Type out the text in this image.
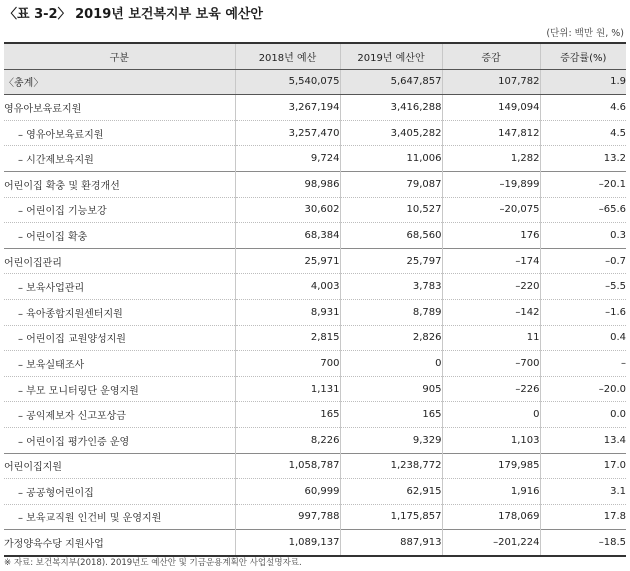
〈표 3-2〉 2019년 보건복지부 보육 예산안
(단위: 백만 원, %)
구분	2018년 예산	2019년 예산안	증감	증감률(%)
〈총계〉	5,540,075	5,647,857	107,782	1.9
영유아보육료지원	3,267,194	3,416,288	149,094	4.6
– 영유아보육료지원	3,257,470	3,405,282	147,812	4.5
– 시간제보육지원	9,724	11,006	1,282	13.2
어린이집 확충 및 환경개선	98,986	79,087	–19,899	–20.1
– 어린이집 기능보강	30,602	10,527	–20,075	–65.6
– 어린이집 확충	68,384	68,560	176	0.3
어린이집관리	25,971	25,797	–174	–0.7
– 보육사업관리	4,003	3,783	–220	–5.5
– 육아종합지원센터지원	8,931	8,789	–142	–1.6
– 어린이집 교원양성지원	2,815	2,826	11	0.4
– 보육실태조사	700	0	–700	–
– 부모 모니터링단 운영지원	1,131	905	–226	–20.0
– 공익제보자 신고포상금	165	165	0	0.0
– 어린이집 평가인증 운영	8,226	9,329	1,103	13.4
어린이집지원	1,058,787	1,238,772	179,985	17.0
– 공공형어린이집	60,999	62,915	1,916	3.1
– 보육교직원 인건비 및 운영지원	997,788	1,175,857	178,069	17.8
가정양육수당 지원사업	1,089,137	887,913	–201,224	–18.5
※ 자료: 보건복지부(2018). 2019년도 예산안 및 기금운용계획안 사업설명자료.
